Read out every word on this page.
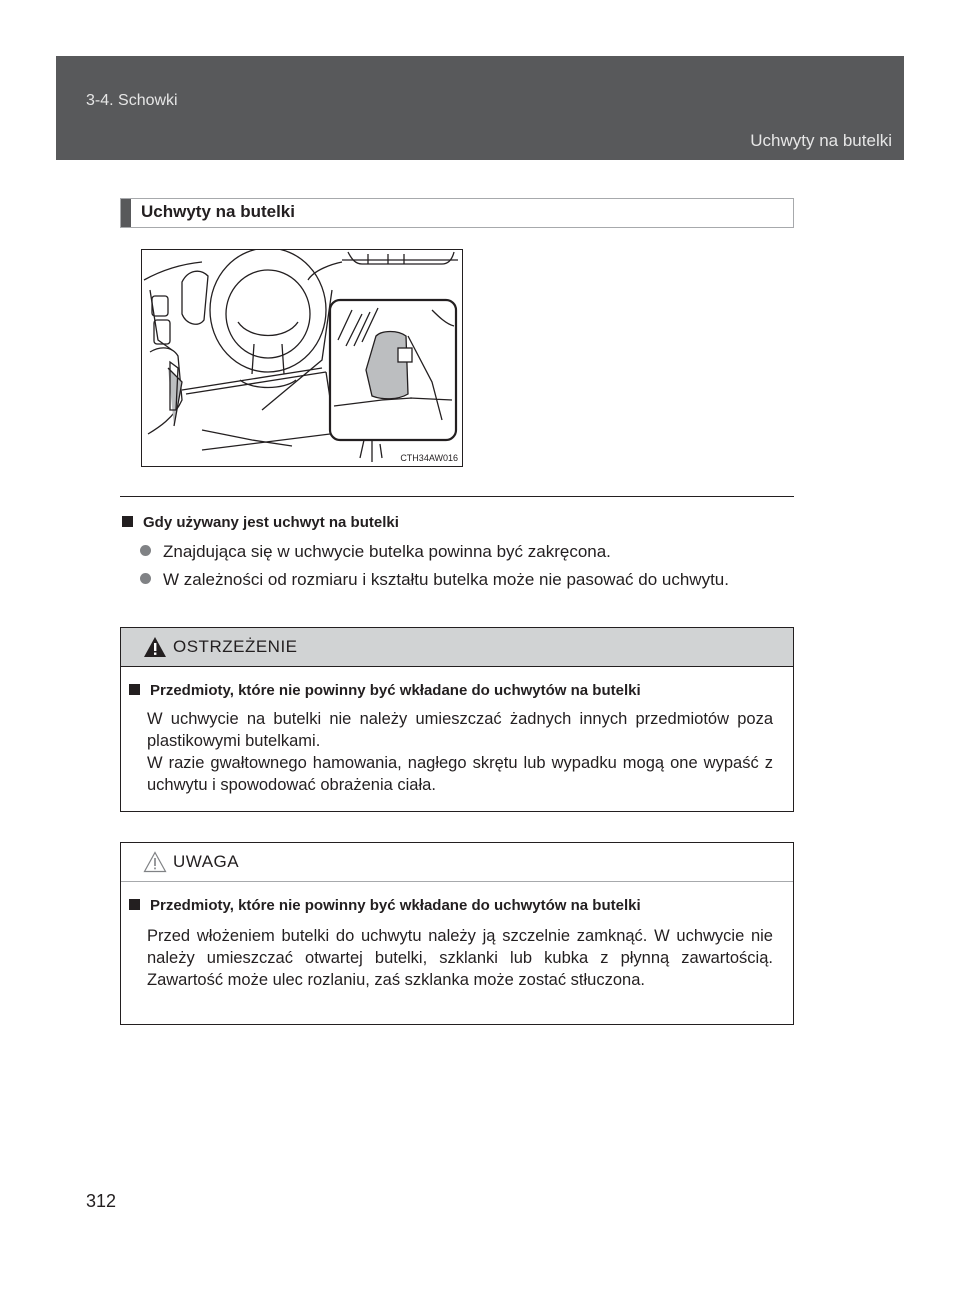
3-4. Schowki
Uchwyty na butelki
Uchwyty na butelki
CTH34AW016
Gdy używany jest uchwyt na butelki
Znajdująca się w uchwycie butelka powinna być zakręcona.
W zależności od rozmiaru i kształtu butelka może nie pasować do uchwytu.
OSTRZEŻENIE
Przedmioty, które nie powinny być wkładane do uchwytów na butelki
W uchwycie na butelki nie należy umieszczać żadnych innych przedmiotów poza plastikowymi butelkami.
W razie gwałtownego hamowania, nagłego skrętu lub wypadku mogą one wypaść z uchwytu i spowodować obrażenia ciała.
UWAGA
Przedmioty, które nie powinny być wkładane do uchwytów na butelki
Przed włożeniem butelki do uchwytu należy ją szczelnie zamknąć. W uchwycie nie należy umieszczać otwartej butelki, szklanki lub kubka z płynną zawartością. Zawartość może ulec rozlaniu, zaś szklanka może zostać stłuczona.
312
